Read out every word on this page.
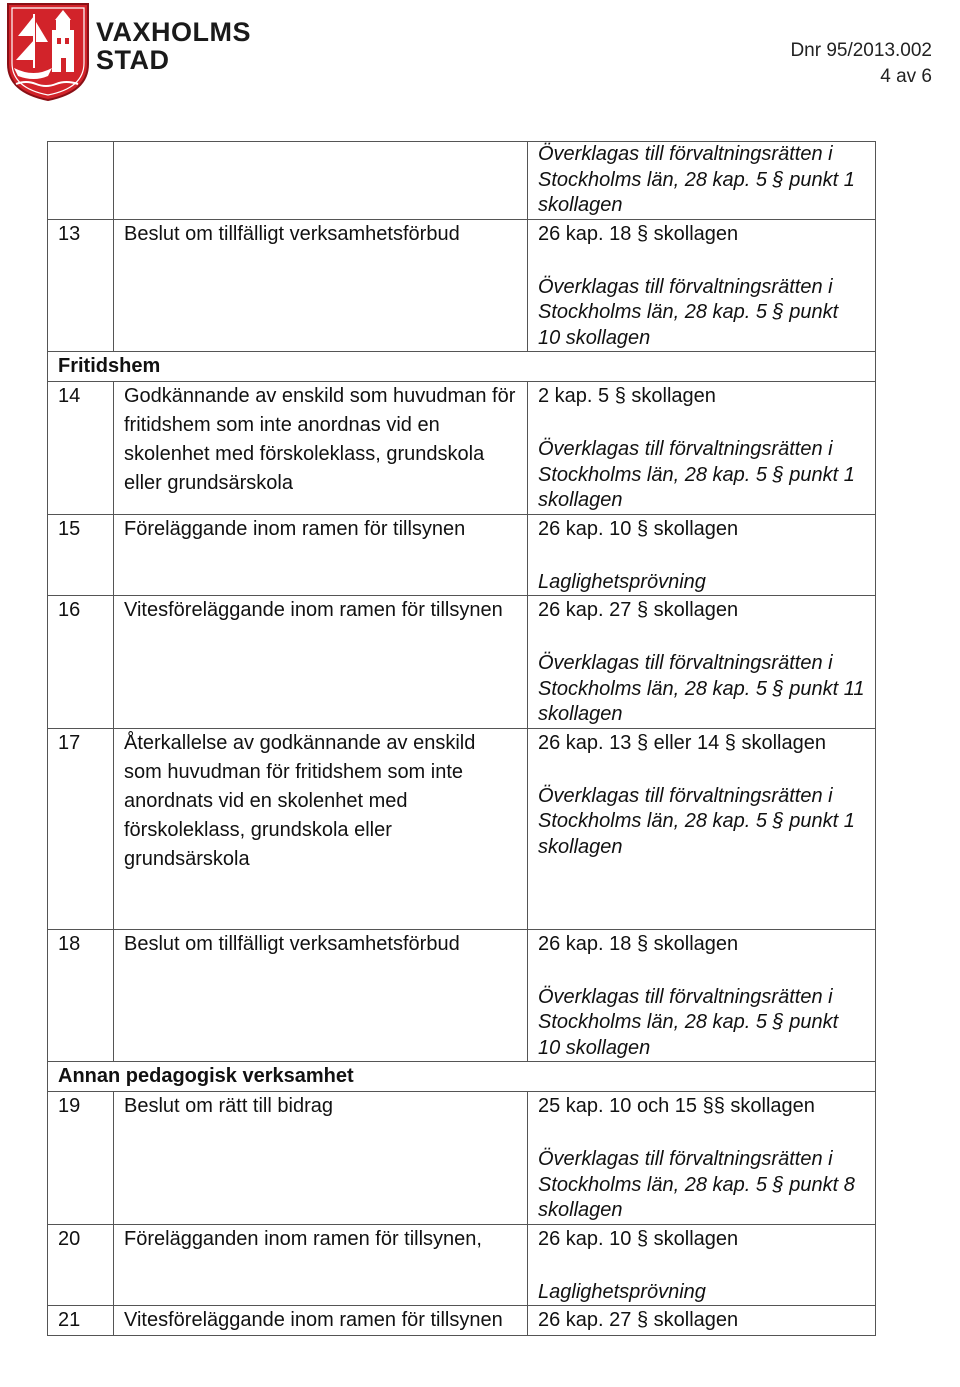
VAXHOLMS
STAD	Dnr 95/2013.002
4 av 6

		Överklagas till förvaltningsrätten i Stockholms län, 28 kap. 5 § punkt 1 skollagen

13	Beslut om tillfälligt verksamhetsförbud	26 kap. 18 § skollagen
Överklagas till förvaltningsrätten i Stockholms län, 28 kap. 5 § punkt 10 skollagen

Fritidshem		
14	Godkännande av enskild som huvudman för fritidshem som inte anordnas vid en skolenhet med förskoleklass, grundskola eller grundsärskola	2 kap. 5 § skollagen
Överklagas till förvaltningsrätten i Stockholms län, 28 kap. 5 § punkt 1 skollagen

15	Föreläggande inom ramen för tillsynen	26 kap. 10 § skollagen
Laglighetsprövning

16	Vitesföreläggande inom ramen för tillsynen	26 kap. 27 § skollagen
Överklagas till förvaltningsrätten i Stockholms län, 28 kap. 5 § punkt 11 skollagen

17	Återkallelse av godkännande av enskild som huvudman för fritidshem som inte anordnats vid en skolenhet med förskoleklass, grundskola eller grundsärskola	26 kap. 13 § eller 14 § skollagen
Överklagas till förvaltningsrätten i Stockholms län, 28 kap. 5 § punkt 1 skollagen

18	Beslut om tillfälligt verksamhetsförbud	26 kap. 18 § skollagen
Överklagas till förvaltningsrätten i Stockholms län, 28 kap. 5 § punkt 10 skollagen

Annan pedagogisk verksamhet		
19	Beslut om rätt till bidrag	25 kap. 10 och 15 §§ skollagen
Överklagas till förvaltningsrätten i Stockholms län, 28 kap. 5 § punkt 8 skollagen

20	Förelägganden inom ramen för tillsynen,	26 kap. 10 § skollagen
Laglighetsprövning

21	Vitesföreläggande inom ramen för tillsynen	26 kap. 27 § skollagen
